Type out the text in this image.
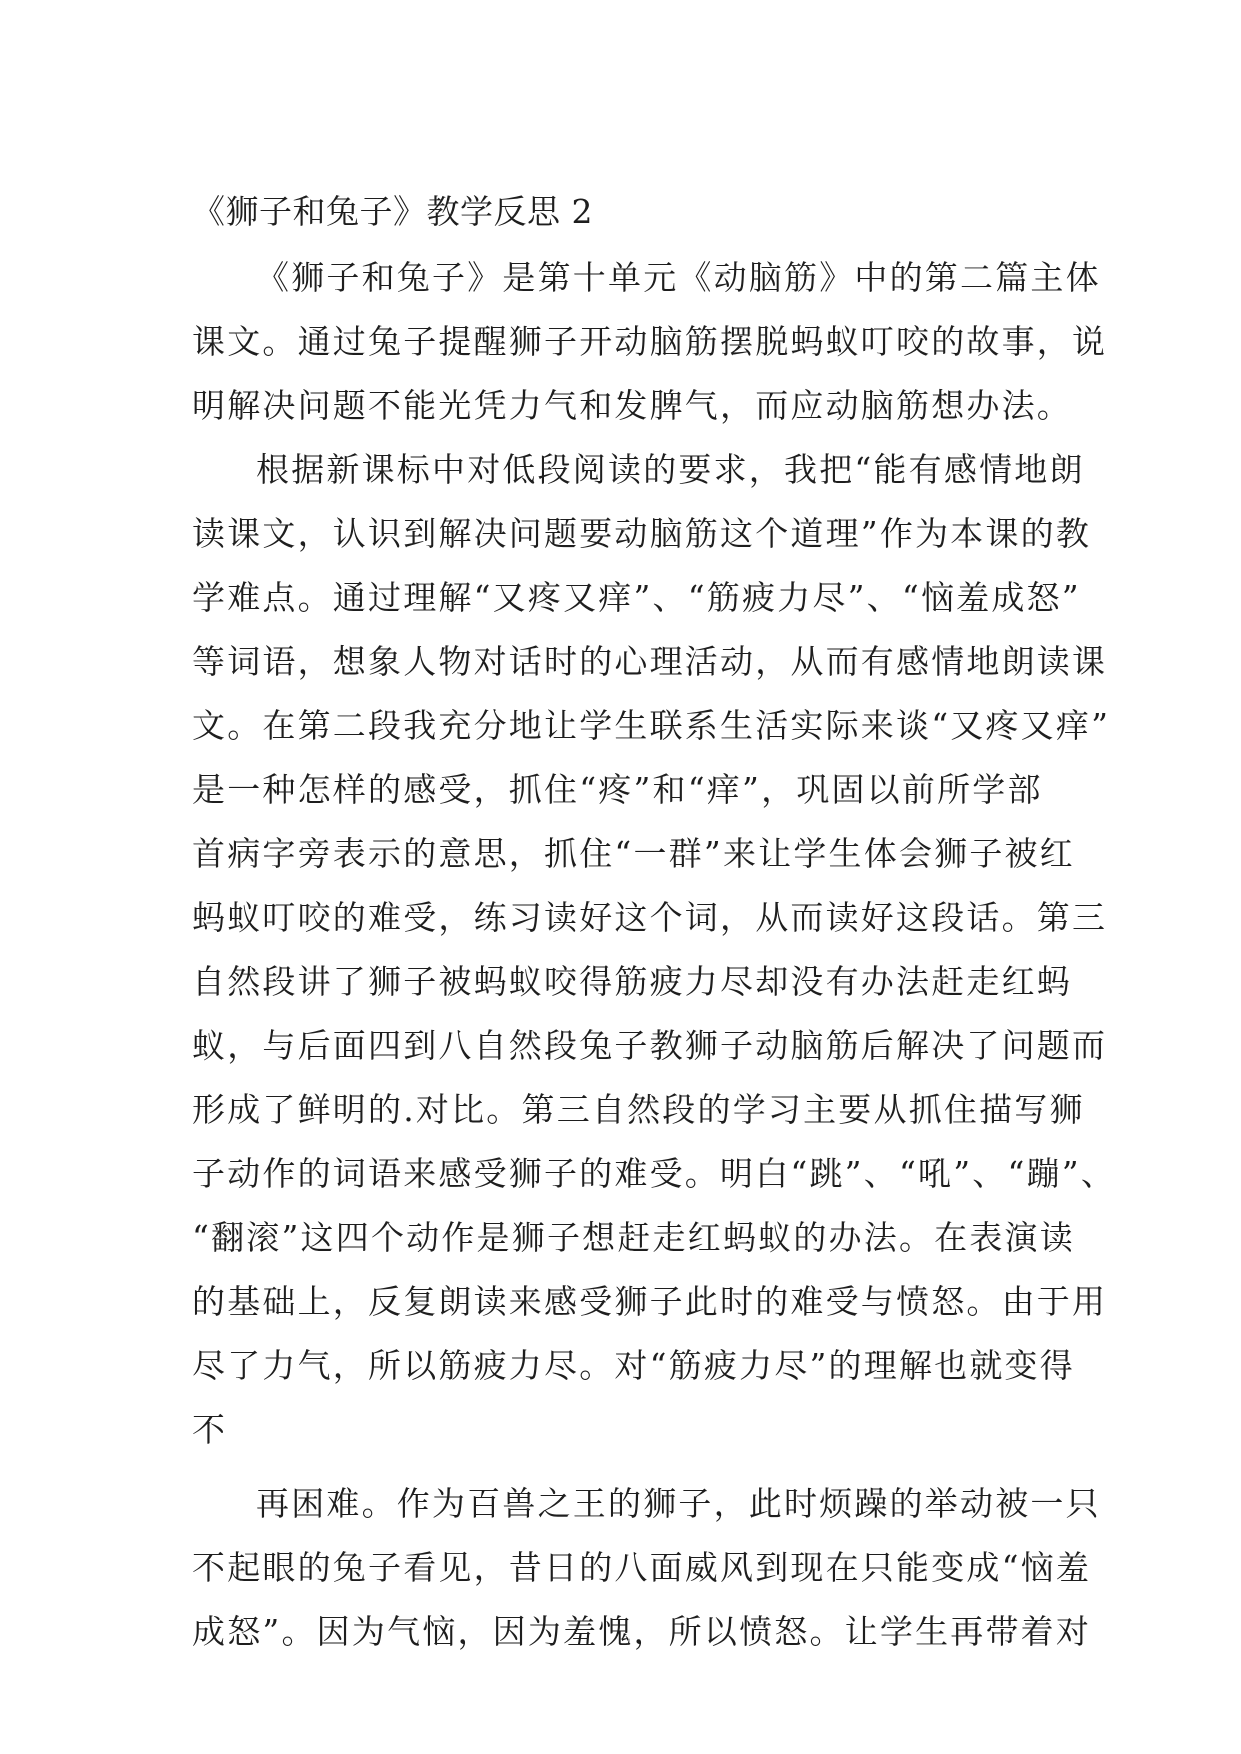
《狮子和兔子》教学反思 2
《狮子和兔子》是第十单元《动脑筋》中的第二篇主体
课文。通过兔子提醒狮子开动脑筋摆脱蚂蚁叮咬的故事，说
明解决问题不能光凭力气和发脾气，而应动脑筋想办法。
根据新课标中对低段阅读的要求，我把“能有感情地朗
读课文，认识到解决问题要动脑筋这个道理”作为本课的教
学难点。通过理解“又疼又痒”、“筋疲力尽”、“恼羞成怒”
等词语，想象人物对话时的心理活动，从而有感情地朗读课
文。在第二段我充分地让学生联系生活实际来谈“又疼又痒”
是一种怎样的感受，抓住“疼”和“痒”，巩固以前所学部
首病字旁表示的意思，抓住“一群”来让学生体会狮子被红
蚂蚁叮咬的难受，练习读好这个词，从而读好这段话。第三
自然段讲了狮子被蚂蚁咬得筋疲力尽却没有办法赶走红蚂
蚁，与后面四到八自然段兔子教狮子动脑筋后解决了问题而
形成了鲜明的.对比。第三自然段的学习主要从抓住描写狮
子动作的词语来感受狮子的难受。明白“跳”、“吼”、“蹦”、
“翻滚”这四个动作是狮子想赶走红蚂蚁的办法。在表演读
的基础上，反复朗读来感受狮子此时的难受与愤怒。由于用
尽了力气，所以筋疲力尽。对“筋疲力尽”的理解也就变得
不
再困难。作为百兽之王的狮子，此时烦躁的举动被一只
不起眼的兔子看见，昔日的八面威风到现在只能变成“恼羞
成怒”。因为气恼，因为羞愧，所以愤怒。让学生再带着对
